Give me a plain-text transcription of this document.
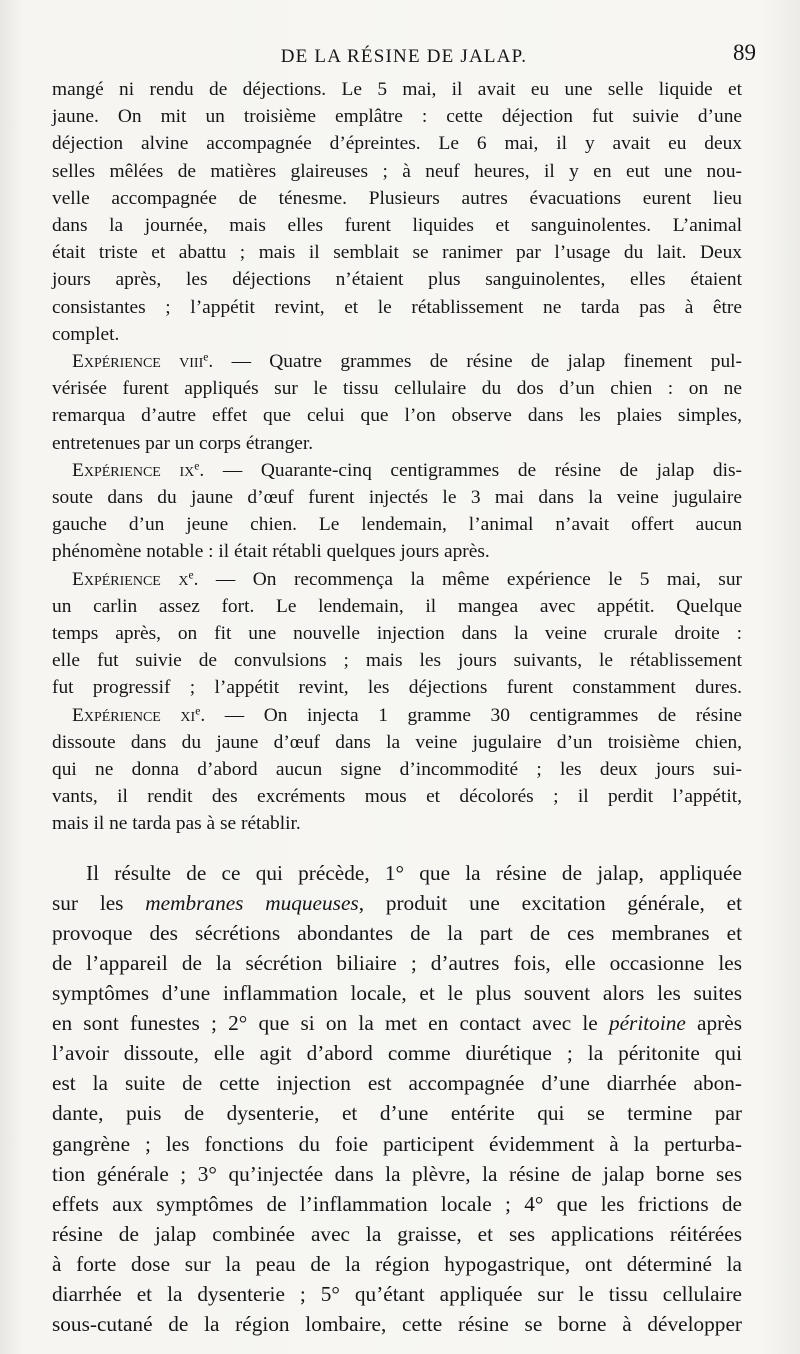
DE LA RÉSINE DE JALAP.	89
mangé ni rendu de déjections. Le 5 mai, il avait eu une selle liquide et
jaune. On mit un troisième emplâtre : cette déjection fut suivie d’une
déjection alvine accompagnée d’épreintes. Le 6 mai, il y avait eu deux
selles mêlées de matières glaireuses ; à neuf heures, il y en eut une nou-
velle accompagnée de ténesme. Plusieurs autres évacuations eurent lieu
dans la journée, mais elles furent liquides et sanguinolentes. L’animal
était triste et abattu ; mais il semblait se ranimer par l’usage du lait. Deux
jours après, les déjections n’étaient plus sanguinolentes, elles étaient
consistantes ; l’appétit revint, et le rétablissement ne tarda pas à être
complet.
Expérience viii$^e$. — Quatre grammes de résine de jalap finement pul-
vérisée furent appliqués sur le tissu cellulaire du dos d’un chien : on ne
remarqua d’autre effet que celui que l’on observe dans les plaies simples,
entretenues par un corps étranger.
Expérience $ix^e$. — Quarante-cinq centigrammes de résine de jalap dis-
soute dans du jaune d’œuf furent injectés le 3 mai dans la veine jugulaire
gauche d’un jeune chien. Le lendemain, l’animal n’avait offert aucun
phénomène notable : il était rétabli quelques jours après.
Expérience $x^e$. — On recommença la même expérience le 5 mai, sur
un carlin assez fort. Le lendemain, il mangea avec appétit. Quelque
temps après, on fit une nouvelle injection dans la veine crurale droite :
elle fut suivie de convulsions ; mais les jours suivants, le rétablissement
fut progressif ; l’appétit revint, les déjections furent constamment dures.
Expérience $xi^e$. — On injecta 1 gramme 30 centigrammes de résine
dissoute dans du jaune d’œuf dans la veine jugulaire d’un troisième chien,
qui ne donna d’abord aucun signe d’incommodité ; les deux jours sui-
vants, il rendit des excréments mous et décolorés ; il perdit l’appétit,
mais il ne tarda pas à se rétablir.
Il résulte de ce qui précède, 1° que la résine de jalap, appliquée
sur les membranes muqueuses, produit une excitation générale, et
provoque des sécrétions abondantes de la part de ces membranes et
de l’appareil de la sécrétion biliaire ; d’autres fois, elle occasionne les
symptômes d’une inflammation locale, et le plus souvent alors les suites
en sont funestes ; 2° que si on la met en contact avec le péritoine après
l’avoir dissoute, elle agit d’abord comme diurétique ; la péritonite qui
est la suite de cette injection est accompagnée d’une diarrhée abon-
dante, puis de dysenterie, et d’une entérite qui se termine par
gangrène ; les fonctions du foie participent évidemment à la perturba-
tion générale ; 3° qu’injectée dans la plèvre, la résine de jalap borne ses
effets aux symptômes de l’inflammation locale ; 4° que les frictions de
résine de jalap combinée avec la graisse, et ses applications réitérées
à forte dose sur la peau de la région hypogastrique, ont déterminé la
diarrhée et la dysenterie ; 5° qu’étant appliquée sur le tissu cellulaire
sous-cutané de la région lombaire, cette résine se borne à développer
